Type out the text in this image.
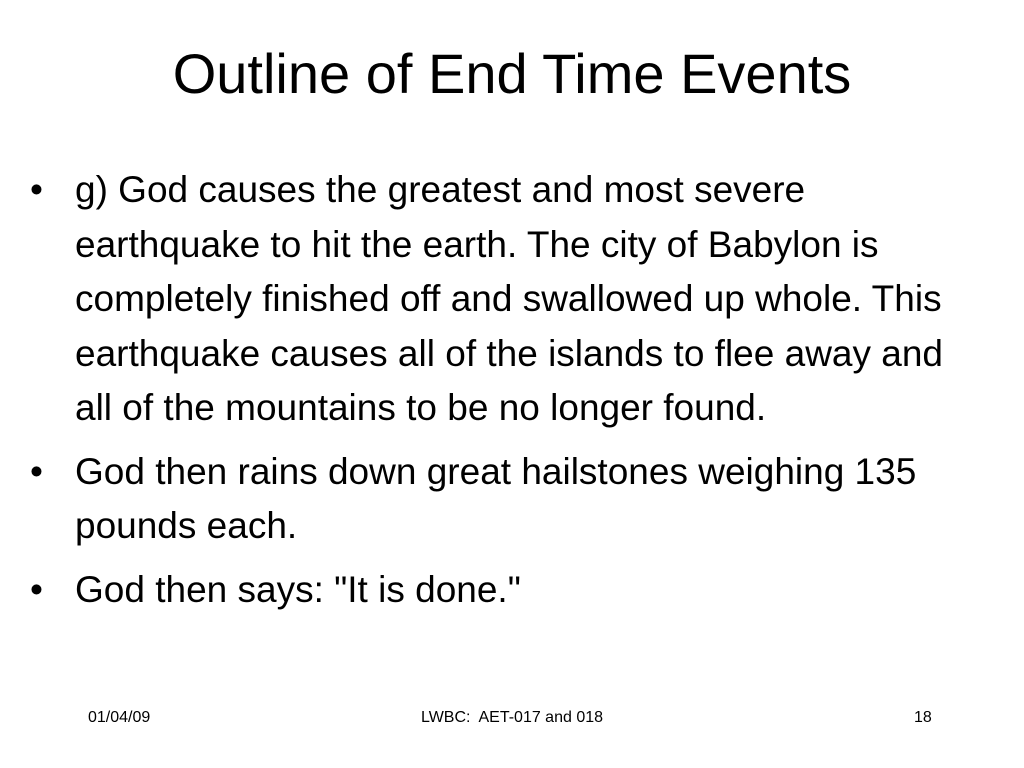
Outline of End Time Events
• g) God causes the greatest and most severe earthquake to hit the earth. The city of Babylon is completely finished off and swallowed up whole. This earthquake causes all of the islands to flee away and all of the mountains to be no longer found.
• God then rains down great hailstones weighing 135 pounds each.
• God then says: "It is done."
01/04/09	LWBC:  AET-017 and 018	18
